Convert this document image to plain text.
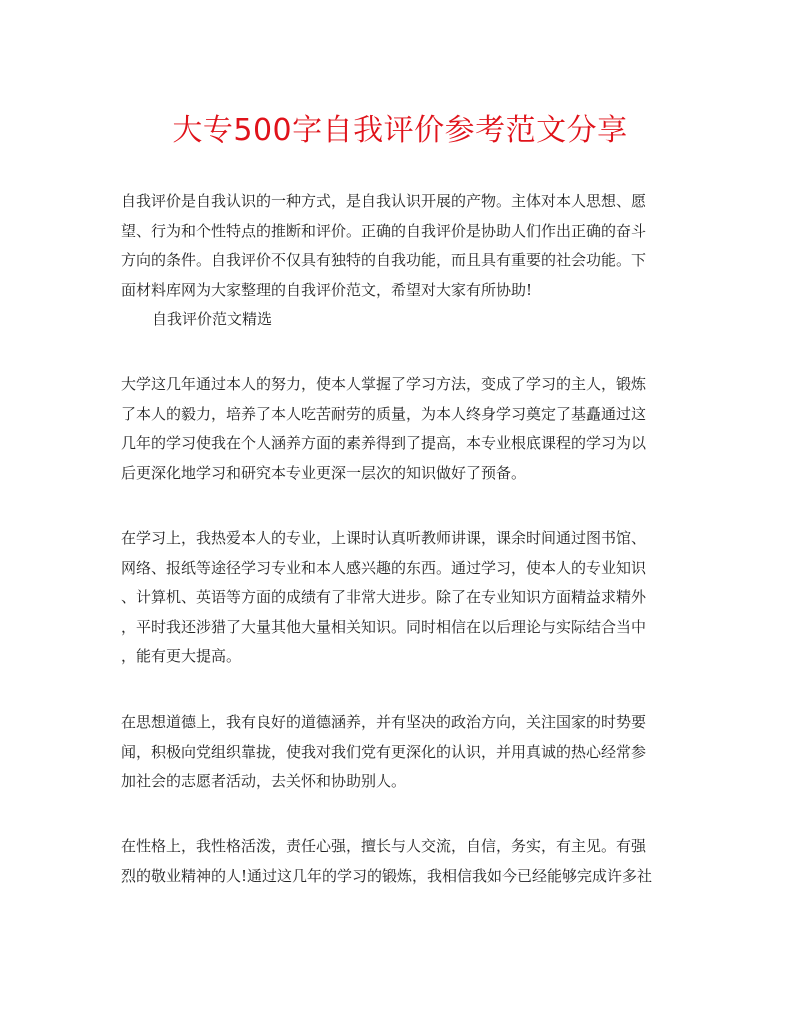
大专500字自我评价参考范文分享
自我评价是自我认识的一种方式，是自我认识开展的产物。主体对本人思想、愿
望、行为和个性特点的推断和评价。正确的自我评价是协助人们作出正确的奋斗
方向的条件。自我评价不仅具有独特的自我功能，而且具有重要的社会功能。下
面材料库网为大家整理的自我评价范文，希望对大家有所协助!
自我评价范文精选
大学这几年通过本人的努力，使本人掌握了学习方法，变成了学习的主人，锻炼
了本人的毅力，培养了本人吃苦耐劳的质量，为本人终身学习奠定了基矗通过这
几年的学习使我在个人涵养方面的素养得到了提高，本专业根底课程的学习为以
后更深化地学习和研究本专业更深一层次的知识做好了预备。
在学习上，我热爱本人的专业，上课时认真听教师讲课，课余时间通过图书馆、
网络、报纸等途径学习专业和本人感兴趣的东西。通过学习，使本人的专业知识
、计算机、英语等方面的成绩有了非常大进步。除了在专业知识方面精益求精外
，平时我还涉猎了大量其他大量相关知识。同时相信在以后理论与实际结合当中
，能有更大提高。
在思想道德上，我有良好的道德涵养，并有坚决的政治方向，关注国家的时势要
闻，积极向党组织靠拢，使我对我们党有更深化的认识，并用真诚的热心经常参
加社会的志愿者活动，去关怀和协助别人。
在性格上，我性格活泼，责任心强，擅长与人交流，自信，务实，有主见。有强
烈的敬业精神的人!通过这几年的学习的锻炼，我相信我如今已经能够完成许多社
